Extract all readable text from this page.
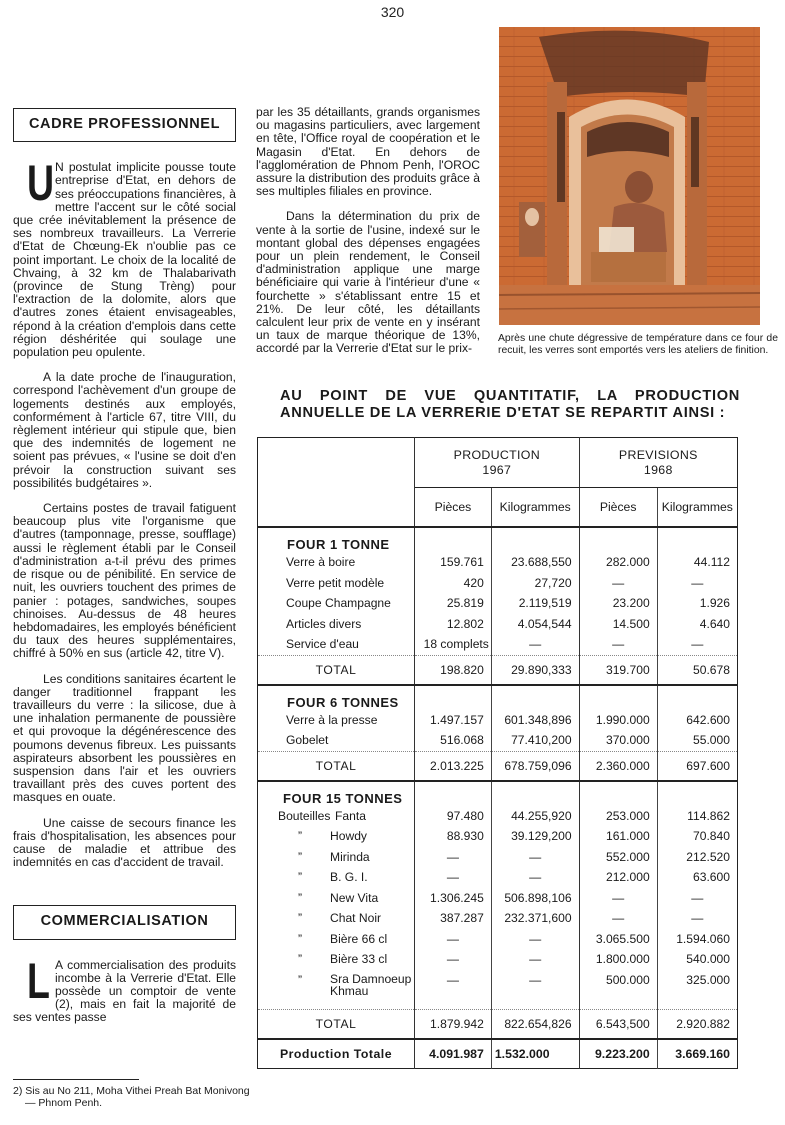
320
CADRE PROFESSIONNEL

U N postulat implicite pousse toute entreprise d'Etat, en dehors de ses préoccupations financières, à mettre l'accent sur le côté social que crée inévitablement la présence de ses nombreux travailleurs. La Verrerie d'Etat de Chœung-Ek n'oublie pas ce point important. Le choix de la localité de Chvaing, à 32 km de Thalabarivath (province de Stung Trèng) pour l'extraction de la dolomite, alors que d'autres zones étaient envisageables, répond à la création d'emplois dans cette région déshéritée qui soulage une population peu opulente.

A la date proche de l'inauguration, correspond l'achèvement d'un groupe de logements destinés aux employés, conformément à l'article 67, titre VIII, du règlement intérieur qui stipule que, bien que des indemnités de logement ne soient pas prévues, « l'usine se doit d'en prévoir la construction suivant ses possibilités budgétaires ».

Certains postes de travail fatiguent beaucoup plus vite l'organisme que d'autres (tamponnage, presse, soufflage) aussi le règlement établi par le Conseil d'administration a-t-il prévu des primes de risque ou de pénibilité. En service de nuit, les ouvriers touchent des primes de panier : potages, sandwiches, soupes chinoises. Au-dessus de 48 heures hebdomadaires, les employés bénéficient du taux des heures supplémentaires, chiffré à 50% en sus (article 42, titre V).

Les conditions sanitaires écartent le danger traditionnel frappant les travailleurs du verre : la silicose, due à une inhalation permanente de poussière et qui provoque la dégénérescence des poumons devenus fibreux. Les puissants aspirateurs absorbent les poussières en suspension dans l'air et les ouvriers travaillant près des cuves portent des masques en ouate.

Une caisse de secours finance les frais d'hospitalisation, les absences pour cause de maladie et attribue des indemnités en cas d'accident de travail.

COMMERCIALISATION

L A commercialisation des produits incombe à la Verrerie d'Etat. Elle possède un comptoir de vente (2), mais en fait la majorité de ses ventes passe

2) Sis au No 211, Moha Vithei Preah Bat Monivong
— Phnom Penh.

par les 35 détaillants, grands organismes ou magasins particuliers, avec largement en tête, l'Office royal de coopération et le Magasin d'Etat. En dehors de l'agglomération de Phnom Penh, l'OROC assure la distribution des produits grâce à ses multiples filiales en province.

Dans la détermination du prix de vente à la sortie de l'usine, indexé sur le montant global des dépenses engagées pour un plein rendement, le Conseil d'administration applique une marge bénéficiaire qui varie à l'intérieur d'une « fourchette » s'établissant entre 15 et 21%. De leur côté, les détaillants calculent leur prix de vente en y insérant un taux de marque théorique de 13%, accordé par la Verrerie d'Etat sur le prix-

Après une chute dégressive de température dans ce four de recuit, les verres sont emportés vers les ateliers de finition.
AU POINT DE VUE QUANTITATIF, LA PRODUCTION
ANNUELLE DE LA VERRERIE D'ETAT SE REPARTIT AINSI :

PRODUCTION
1967

PREVISIONS
1968

	Pièces	Kilogrammes	Pièces	Kilogrammes

FOUR 1 TONNE				
Verre à boire	159.761	23.688,550	282.000	44.112
Verre petit modèle	420	27,720	—	—
Coupe Champagne	25.819	2.119,519	23.200	1.926
Articles divers	12.802	4.054,544	14.500	4.640
Service d'eau	18 complets	—	—	—
TOTAL	198.820	29.890,333	319.700	50.678

FOUR 6 TONNES				
Verre à la presse	1.497.157	601.348,896	1.990.000	642.600
Gobelet	516.068	77.410,200	370.000	55.000
TOTAL	2.013.225	678.759,096	2.360.000	697.600

FOUR 15 TONNES				
Bouteilles Fanta	97.480	44.255,920	253.000	114.862
” Howdy	88.930	39.129,200	161.000	70.840
” Mirinda	—	—	552.000	212.520
” B. G. I.	—	—	212.000	63.600
” New Vita	1.306.245	506.898,106	—	—
” Chat Noir	387.287	232.371,600	—	—
” Bière 66 cl	—	—	3.065.500	1.594.060
” Bière 33 cl	—	—	1.800.000	540.000
” Sra Damnoeup
Khmau	—	—	500.000	325.000
TOTAL	1.879.942	822.654,826	6.543,500	2.920.882
Production Totale	4.091.987	1.532.000	9.223.200	3.669.160
